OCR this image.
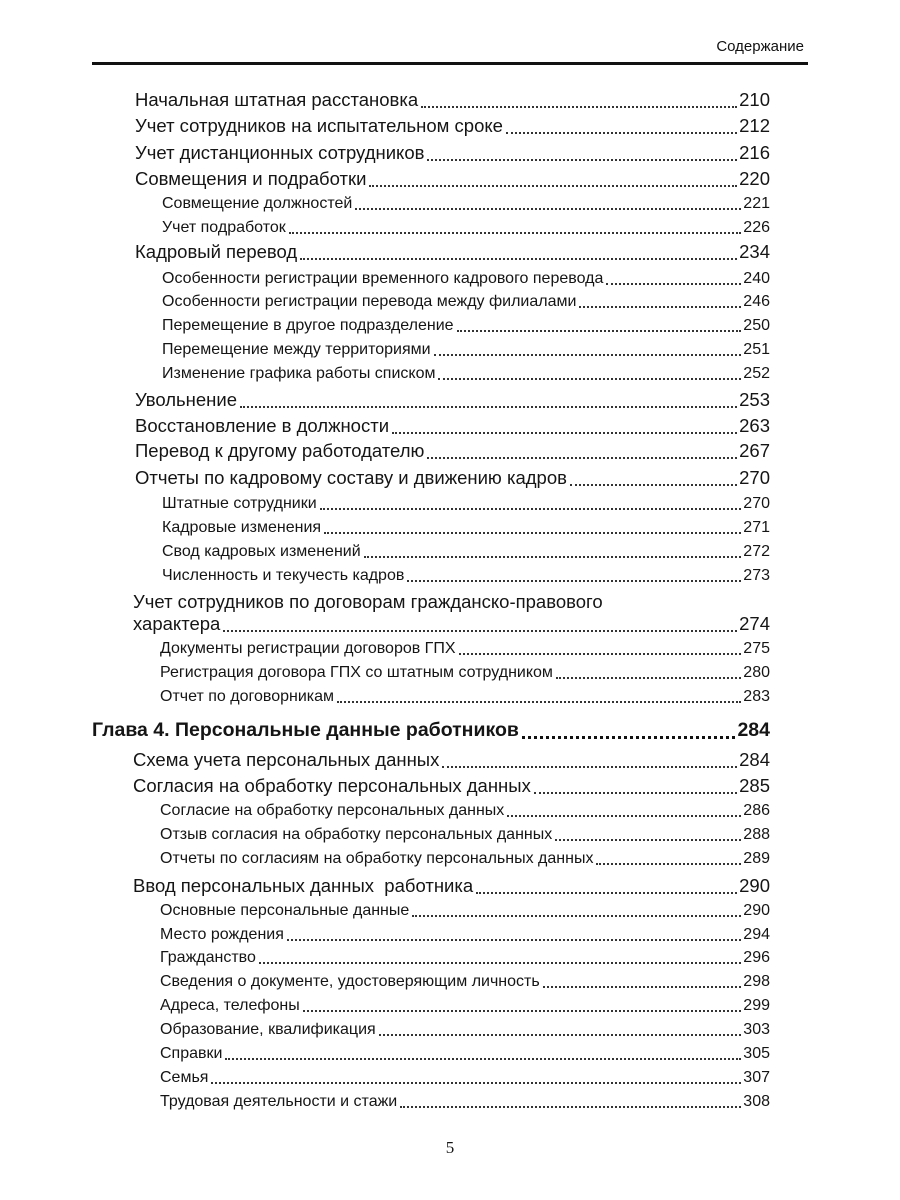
Содержание
Начальная штатная расстановка	210
Учет сотрудников на испытательном сроке	212
Учет дистанционных сотрудников	216
Совмещения и подработки	220
Совмещение должностей	221
Учет подработок	226
Кадровый перевод	234
Особенности регистрации временного кадрового перевода	240
Особенности регистрации перевода между филиалами	246
Перемещение в другое подразделение	250
Перемещение между территориями	251
Изменение графика работы списком	252
Увольнение	253
Восстановление в должности	263
Перевод к другому работодателю	267
Отчеты по кадровому составу и движению кадров	270
Штатные сотрудники	270
Кадровые изменения	271
Свод кадровых изменений	272
Численность и текучесть кадров	273
Учет сотрудников по договорам гражданско-правового
характера	274
Документы регистрации договоров ГПХ	275
Регистрация договора ГПХ со штатным сотрудником	280
Отчет по договорникам	283
Глава 4. Персональные данные работников	284
Схема учета персональных данных	284
Согласия на обработку персональных данных	285
Согласие на обработку персональных данных	286
Отзыв согласия на обработку персональных данных	288
Отчеты по согласиям на обработку персональных данных	289
Ввод персональных данных  работника	290
Основные персональные данные	290
Место рождения	294
Гражданство	296
Сведения о документе, удостоверяющим личность	298
Адреса, телефоны	299
Образование, квалификация	303
Справки	305
Семья	307
Трудовая деятельности и стажи	308
5
